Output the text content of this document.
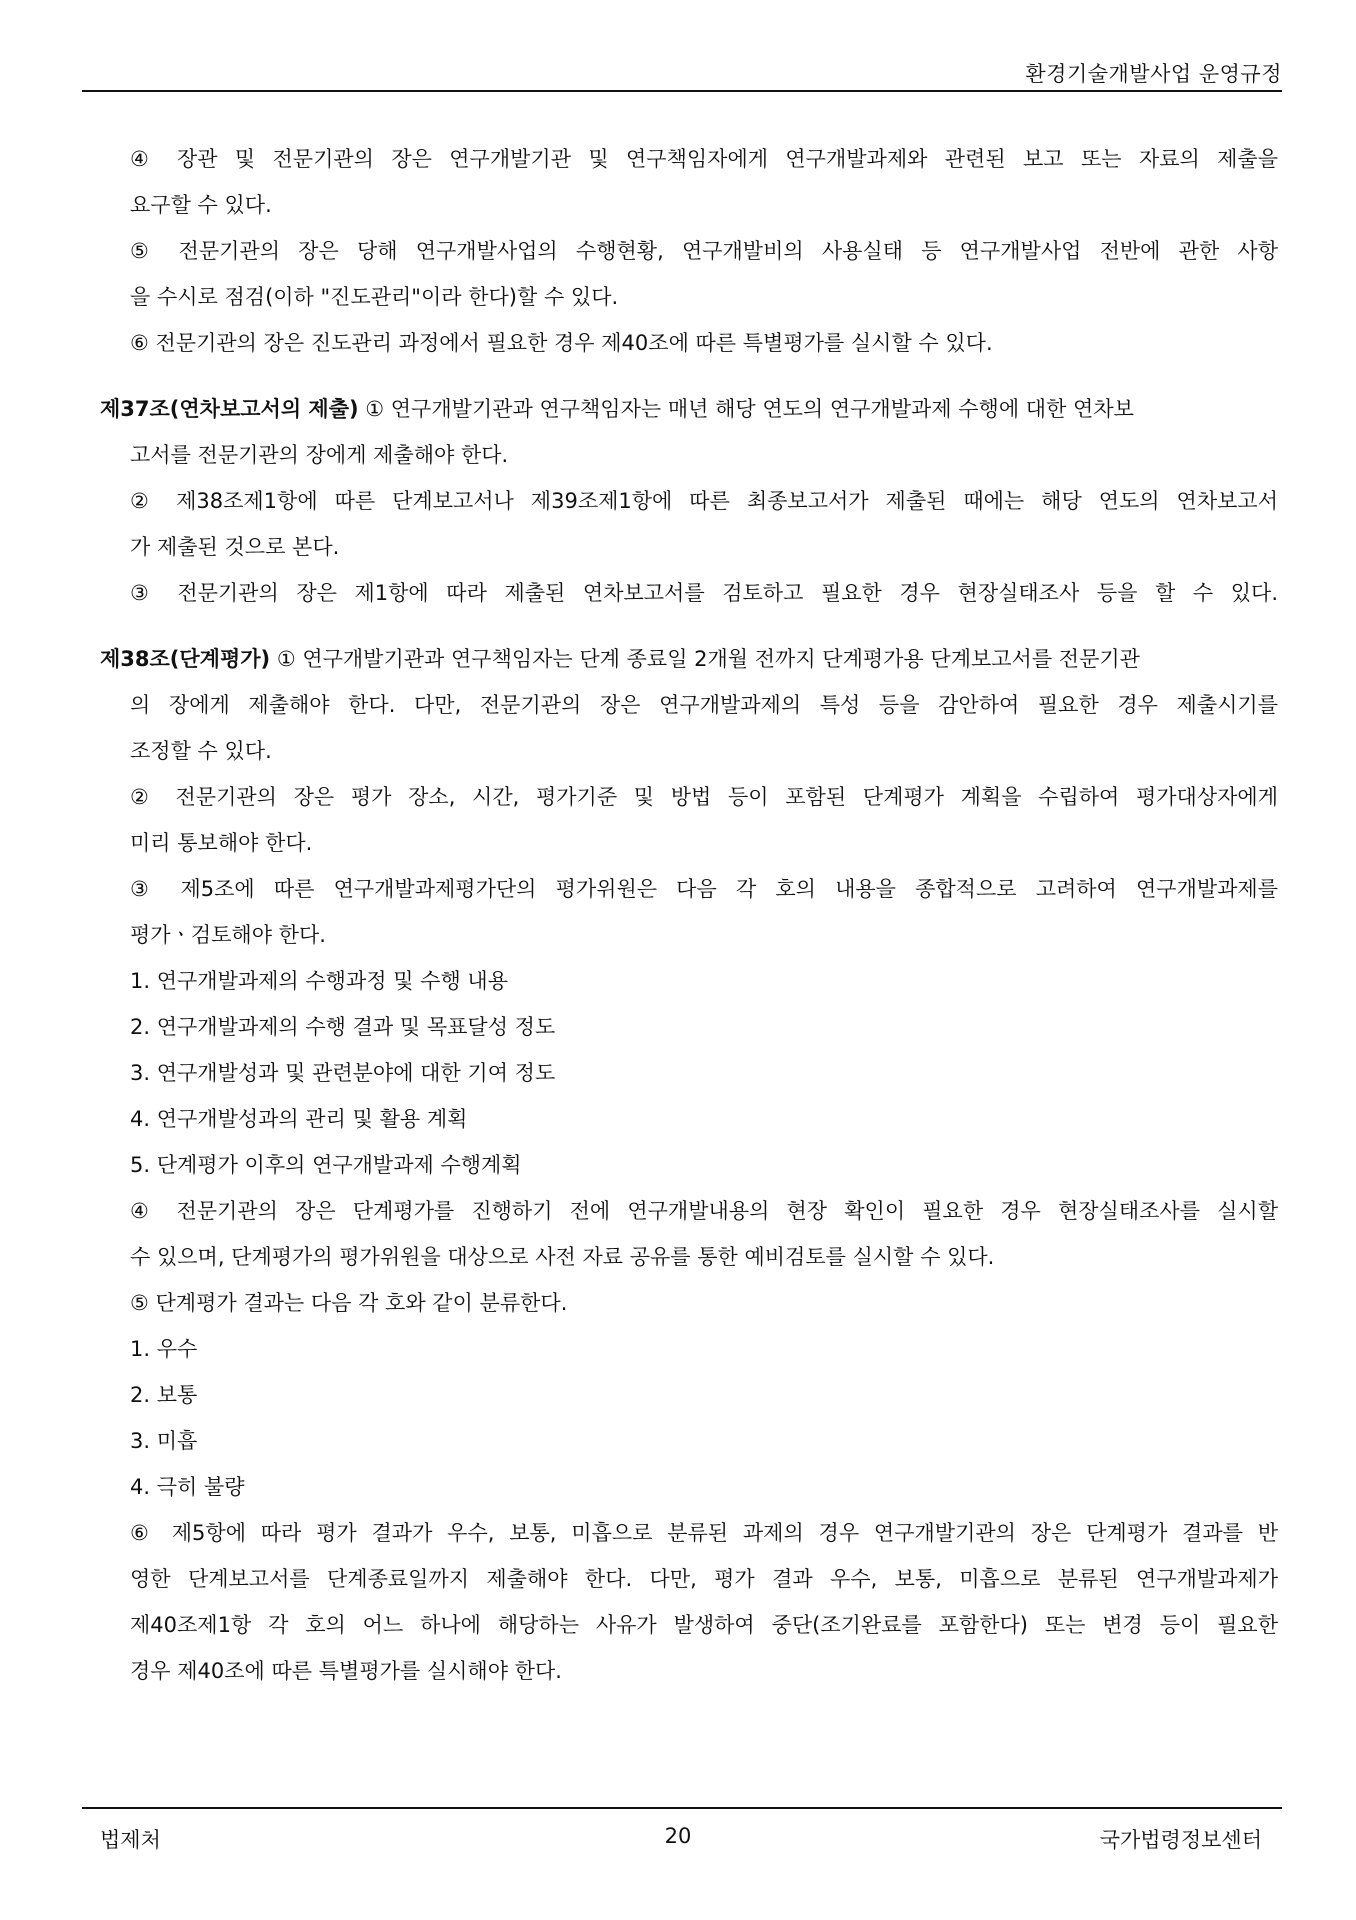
환경기술개발사업 운영규정
④ 장관 및 전문기관의 장은 연구개발기관 및 연구책임자에게 연구개발과제와 관련된 보고 또는 자료의 제출을
요구할 수 있다.
⑤ 전문기관의 장은 당해 연구개발사업의 수행현황, 연구개발비의 사용실태 등 연구개발사업 전반에 관한 사항
을 수시로 점검(이하 "진도관리"이라 한다)할 수 있다.
⑥ 전문기관의 장은 진도관리 과정에서 필요한 경우 제40조에 따른 특별평가를 실시할 수 있다.
제37조(연차보고서의 제출) ① 연구개발기관과 연구책임자는 매년 해당 연도의 연구개발과제 수행에 대한 연차보
고서를 전문기관의 장에게 제출해야 한다.
② 제38조제1항에 따른 단계보고서나 제39조제1항에 따른 최종보고서가 제출된 때에는 해당 연도의 연차보고서
가 제출된 것으로 본다.
③ 전문기관의 장은 제1항에 따라 제출된 연차보고서를 검토하고 필요한 경우 현장실태조사 등을 할 수 있다.
제38조(단계평가) ① 연구개발기관과 연구책임자는 단계 종료일 2개월 전까지 단계평가용 단계보고서를 전문기관
의 장에게 제출해야 한다. 다만, 전문기관의 장은 연구개발과제의 특성 등을 감안하여 필요한 경우 제출시기를
조정할 수 있다.
② 전문기관의 장은 평가 장소, 시간, 평가기준 및 방법 등이 포함된 단계평가 계획을 수립하여 평가대상자에게
미리 통보해야 한다.
③ 제5조에 따른 연구개발과제평가단의 평가위원은 다음 각 호의 내용을 종합적으로 고려하여 연구개발과제를
평가ㆍ검토해야 한다.
1. 연구개발과제의 수행과정 및 수행 내용
2. 연구개발과제의 수행 결과 및 목표달성 정도
3. 연구개발성과 및 관련분야에 대한 기여 정도
4. 연구개발성과의 관리 및 활용 계획
5. 단계평가 이후의 연구개발과제 수행계획
④ 전문기관의 장은 단계평가를 진행하기 전에 연구개발내용의 현장 확인이 필요한 경우 현장실태조사를 실시할
수 있으며, 단계평가의 평가위원을 대상으로 사전 자료 공유를 통한 예비검토를 실시할 수 있다.
⑤ 단계평가 결과는 다음 각 호와 같이 분류한다.
1. 우수
2. 보통
3. 미흡
4. 극히 불량
⑥ 제5항에 따라 평가 결과가 우수, 보통, 미흡으로 분류된 과제의 경우 연구개발기관의 장은 단계평가 결과를 반
영한 단계보고서를 단계종료일까지 제출해야 한다. 다만, 평가 결과 우수, 보통, 미흡으로 분류된 연구개발과제가
제40조제1항 각 호의 어느 하나에 해당하는 사유가 발생하여 중단(조기완료를 포함한다) 또는 변경 등이 필요한
경우 제40조에 따른 특별평가를 실시해야 한다.
법제처	20	국가법령정보센터
